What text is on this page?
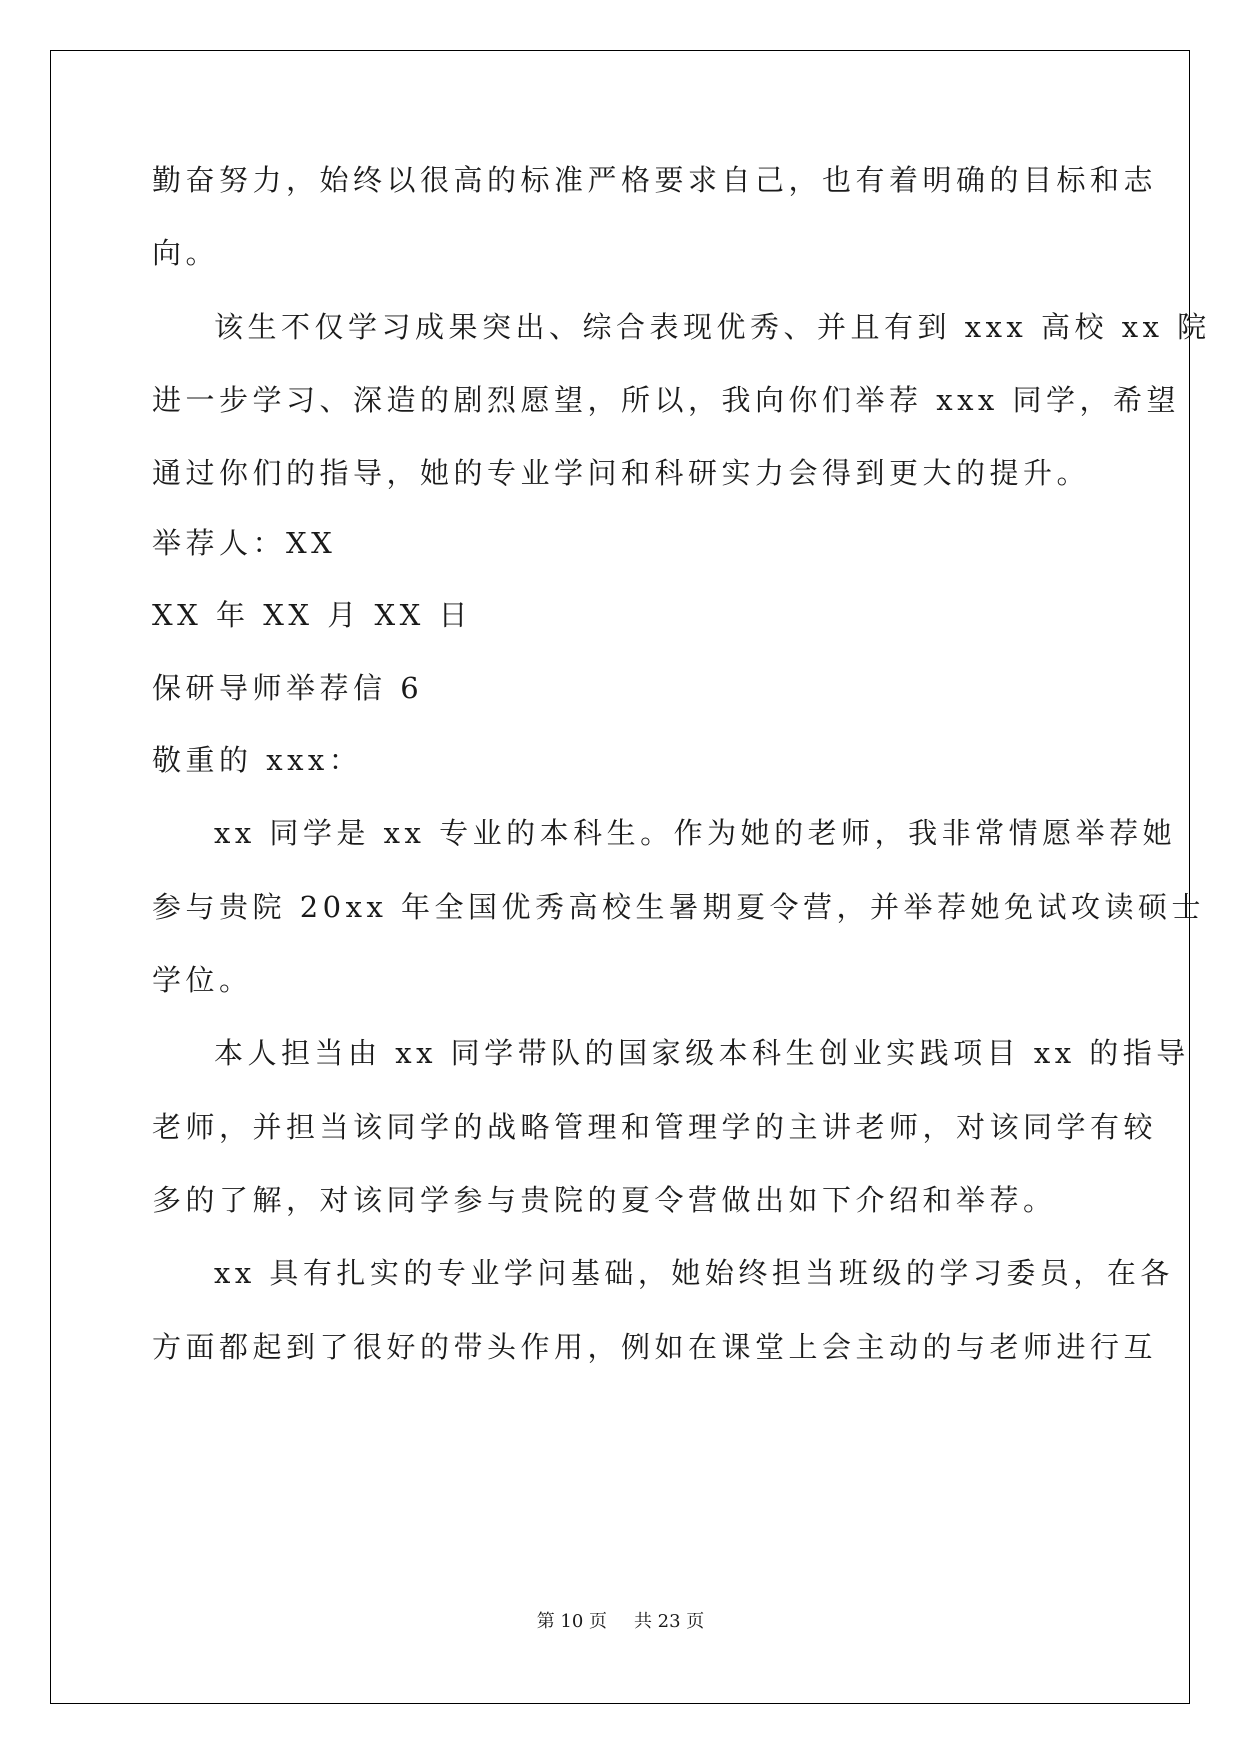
勤奋努力，始终以很高的标准严格要求自己，也有着明确的目标和志
向。
该生不仅学习成果突出、综合表现优秀、并且有到 xxx 高校 xx 院
进一步学习、深造的剧烈愿望，所以，我向你们举荐 xxx 同学，希望
通过你们的指导，她的专业学问和科研实力会得到更大的提升。
举荐人：XX
XX 年 XX 月 XX 日
保研导师举荐信 6
敬重的 xxx：
xx 同学是 xx 专业的本科生。作为她的老师，我非常情愿举荐她
参与贵院 20xx 年全国优秀高校生暑期夏令营，并举荐她免试攻读硕士
学位。
本人担当由 xx 同学带队的国家级本科生创业实践项目 xx 的指导
老师，并担当该同学的战略管理和管理学的主讲老师，对该同学有较
多的了解，对该同学参与贵院的夏令营做出如下介绍和举荐。
xx 具有扎实的专业学问基础，她始终担当班级的学习委员，在各
方面都起到了很好的带头作用，例如在课堂上会主动的与老师进行互
第 10 页 共 23 页
